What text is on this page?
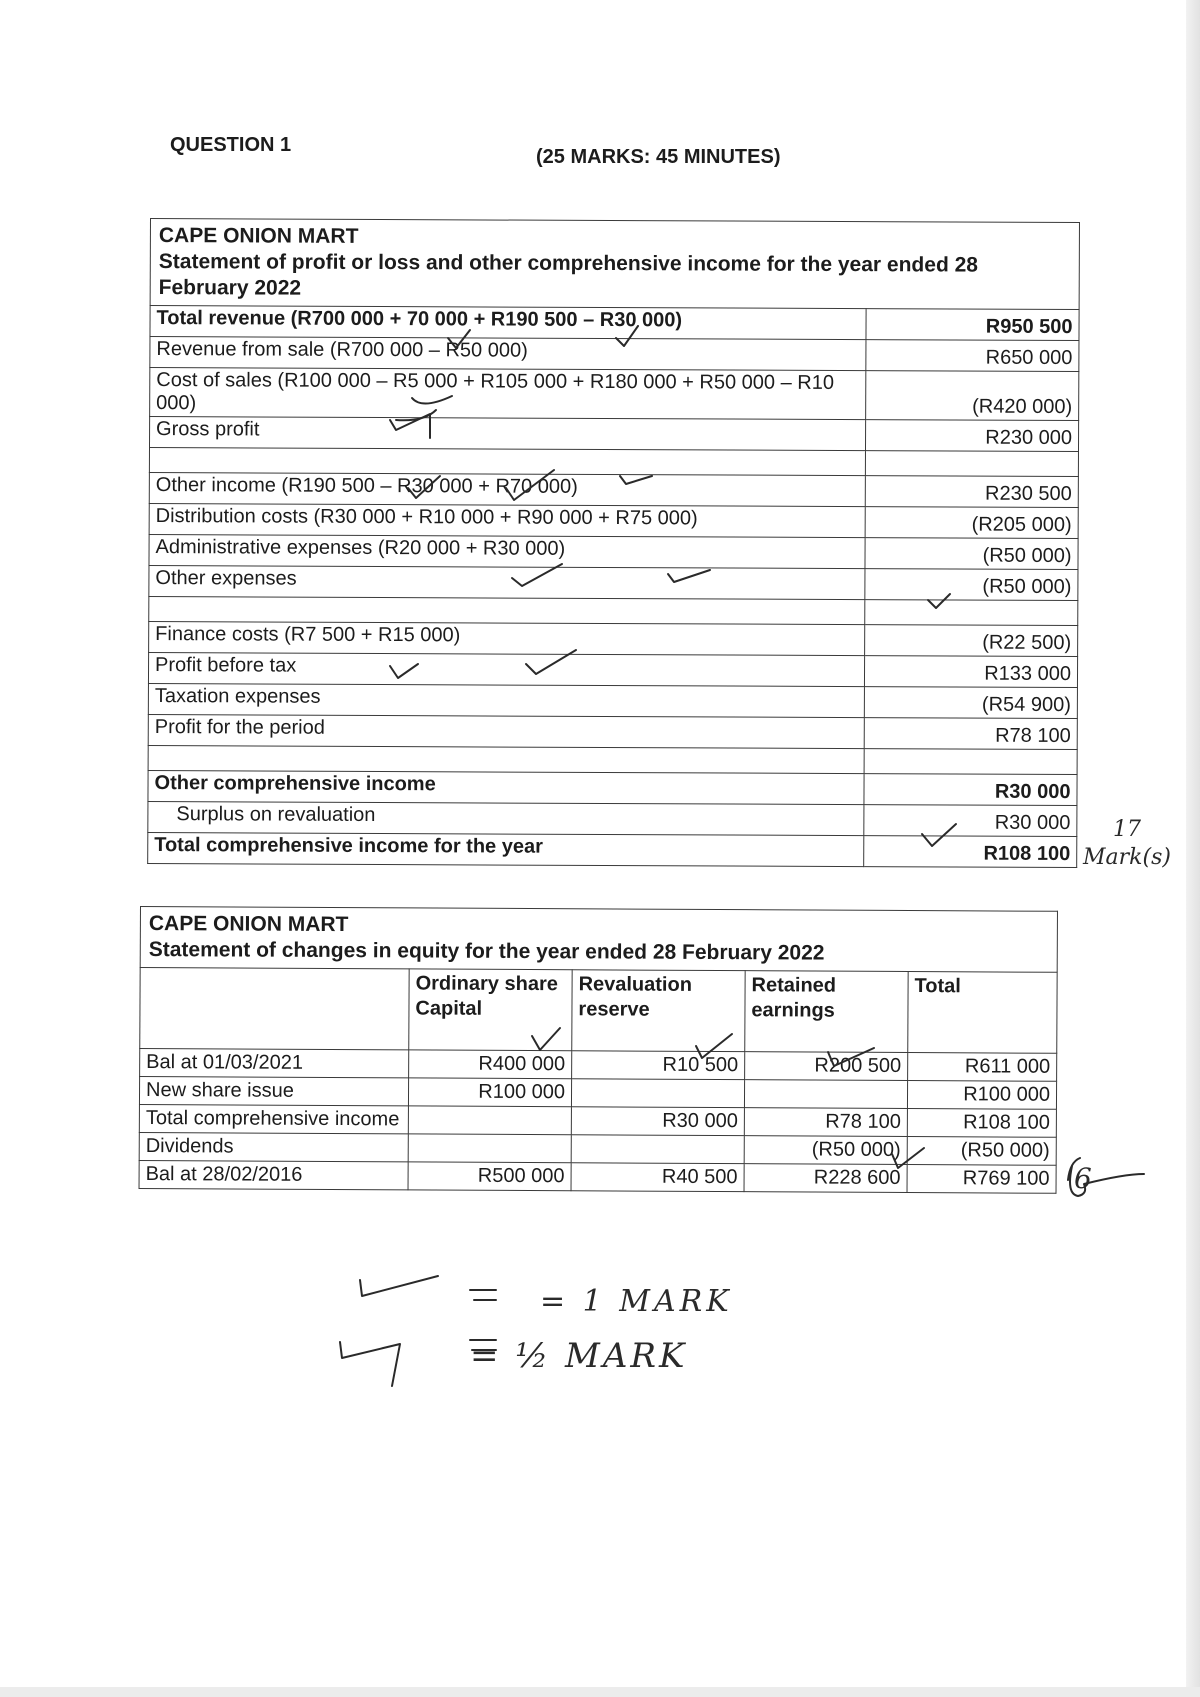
QUESTION 1
(25 MARKS: 45 MINUTES)
CAPE ONION MART
Statement of profit or loss and other comprehensive income for the year ended 28 February 2022	

Total revenue (R700 000 + 70 000 + R190 500 – R30 000)	R950 500
Revenue from sale (R700 000 – R50 000)	R650 000
Cost of sales (R100 000 – R5 000 + R105 000 + R180 000 + R50 000 – R10 000)	(R420 000)
Gross profit	R230 000

Other income (R190 500 – R30 000 + R70 000)	R230 500
Distribution costs (R30 000 + R10 000 + R90 000 + R75 000)	(R205 000)
Administrative expenses (R20 000 + R30 000)	(R50 000)
Other expenses	(R50 000)

Finance costs (R7 500 + R15 000)	(R22 500)
Profit before tax	R133 000
Taxation expenses	(R54 900)
Profit for the period	R78 100

Other comprehensive income	R30 000
Surplus on revaluation	R30 000
Total comprehensive income for the year	R108 100
CAPE ONION MART
Statement of changes in equity for the year ended 28 February 2022				

	Ordinary share Capital	Revaluation reserve	Retained earnings	Total
Bal at 01/03/2021	R400 000	R10 500	R200 500	R611 000
New share issue	R100 000			R100 000
Total comprehensive income		R30 000	R78 100	R108 100
Dividends			(R50 000)	(R50 000)
Bal at 28/02/2016	R500 000	R40 500	R228 600	R769 100
17
Mark(s)
6
= 1 MARK
= ½ MARK
